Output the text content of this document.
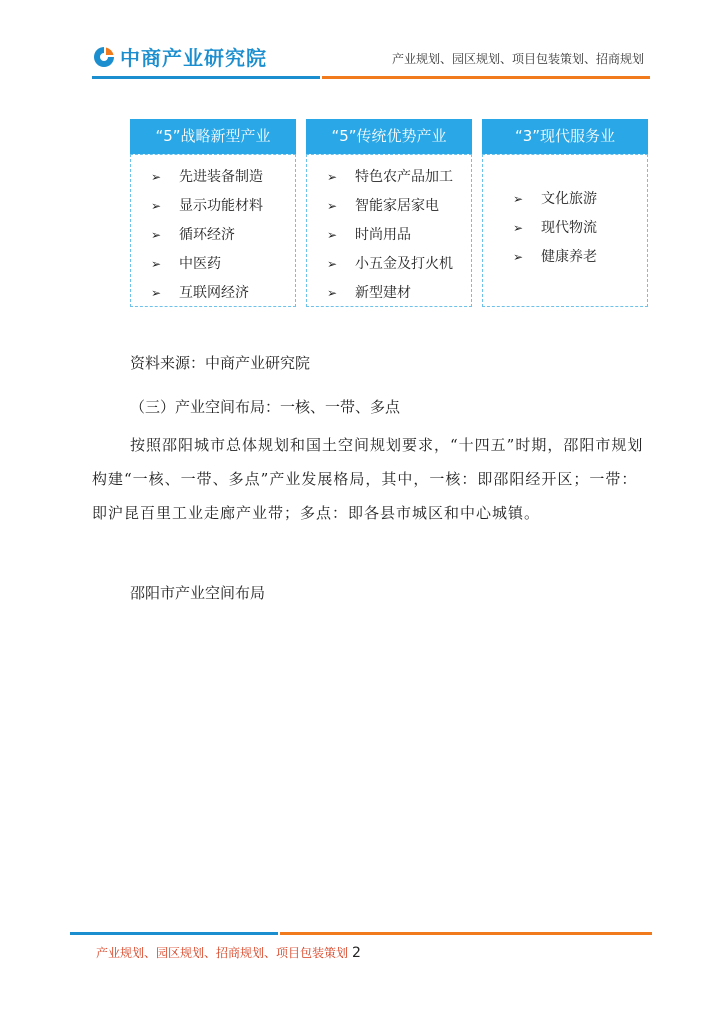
中商产业研究院	产业规划、园区规划、项目包装策划、招商规划
“5”战略新型产业
➢ 先进装备制造
➢ 显示功能材料
➢ 循环经济
➢ 中医药
➢ 互联网经济
“5”传统优势产业
➢ 特色农产品加工
➢ 智能家居家电
➢ 时尚用品
➢ 小五金及打火机
➢ 新型建材
“3”现代服务业
➢ 文化旅游
➢ 现代物流
➢ 健康养老
资料来源：中商产业研究院
（三）产业空间布局：一核、一带、多点
按照邵阳城市总体规划和国土空间规划要求，“十四五”时期，邵阳市规划构建“一核、一带、多点”产业发展格局，其中，一核：即邵阳经开区；一带：即沪昆百里工业走廊产业带；多点：即各县市城区和中心城镇。
邵阳市产业空间布局
产业规划、园区规划、招商规划、项目包装策划 2
